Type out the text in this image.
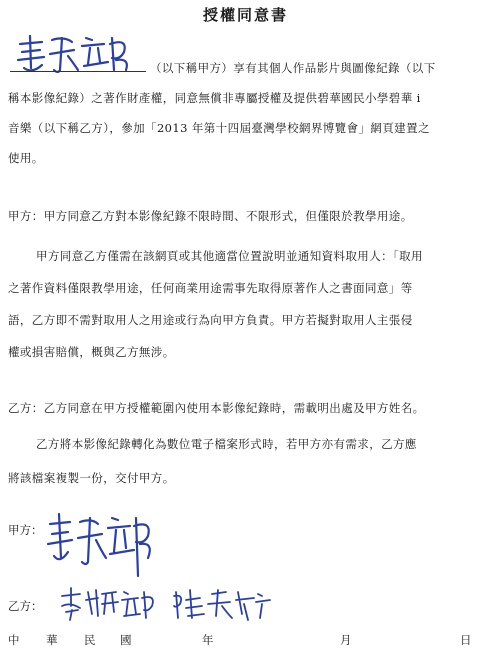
授權同意書
（以下稱甲方）享有其個人作品影片與圖像紀錄（以下
稱本影像紀錄）之著作財產權，同意無償非專屬授權及提供碧華國民小學碧華 i
音樂（以下稱乙方），參加「2013 年第十四屆臺灣學校網界博覽會」網頁建置之
使用。
甲方：甲方同意乙方對本影像紀錄不限時間、不限形式，但僅限於教學用途。
甲方同意乙方僅需在該網頁或其他適當位置說明並通知資料取用人：「取用
之著作資料僅限教學用途，任何商業用途需事先取得原著作人之書面同意」等
語，乙方即不需對取用人之用途或行為向甲方負責。甲方若擬對取用人主張侵
權或損害賠償，概與乙方無涉。
乙方：乙方同意在甲方授權範圍內使用本影像紀錄時，需載明出處及甲方姓名。
乙方將本影像紀錄轉化為數位電子檔案形式時，若甲方亦有需求，乙方應
將該檔案複製一份，交付甲方。
甲方：
乙方：
中 華 民 國	年	月	日
